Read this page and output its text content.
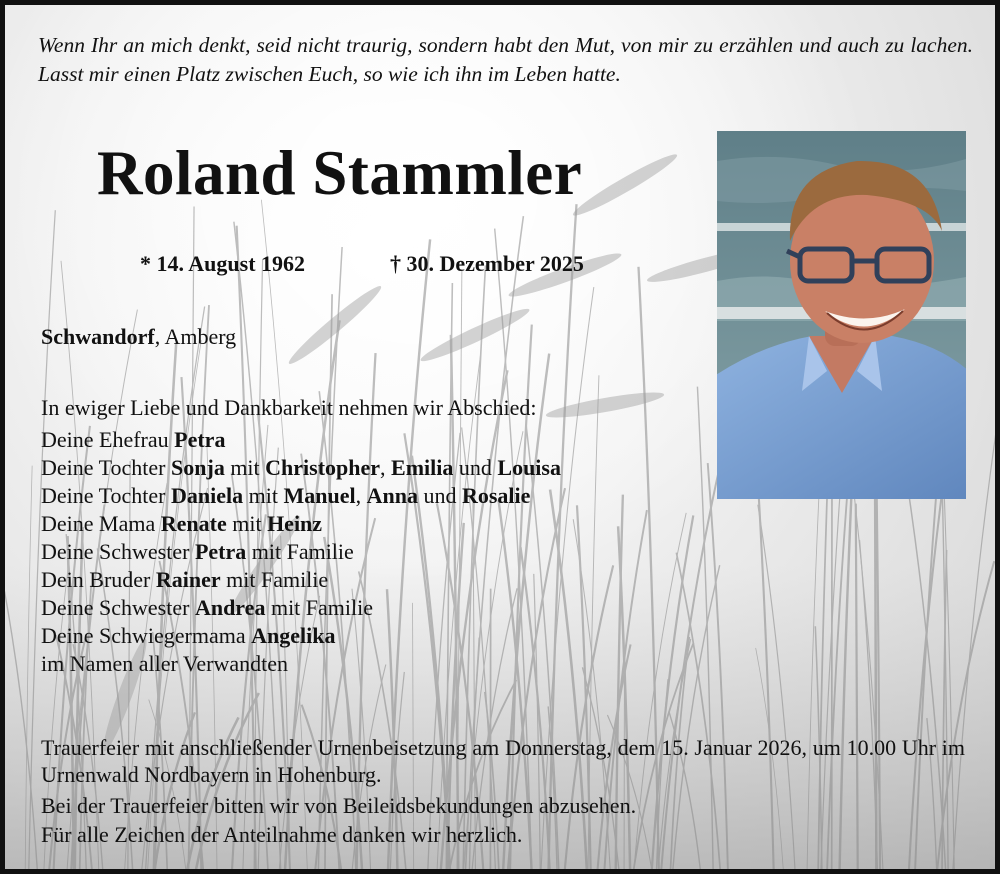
Wenn Ihr an mich denkt, seid nicht traurig, sondern habt den Mut, von mir zu erzählen und auch zu lachen. Lasst mir einen Platz zwischen Euch, so wie ich ihn im Leben hatte.

Roland Stammler
* 14. August 1962	† 30. Dezember 2025
Schwandorf, Amberg
In ewiger Liebe und Dankbarkeit nehmen wir Abschied:
Deine Ehefrau Petra
Deine Tochter Sonja mit Christopher, Emilia und Louisa
Deine Tochter Daniela mit Manuel, Anna und Rosalie
Deine Mama Renate mit Heinz
Deine Schwester Petra mit Familie
Dein Bruder Rainer mit Familie
Deine Schwester Andrea mit Familie
Deine Schwiegermama Angelika
im Namen aller Verwandten

Trauerfeier mit anschließender Urnenbeisetzung am Donnerstag, dem 15. Januar 2026, um 10.00 Uhr im Urnenwald Nordbayern in Hohenburg.

Bei der Trauerfeier bitten wir von Beileidsbekundungen abzusehen.
Für alle Zeichen der Anteilnahme danken wir herzlich.
